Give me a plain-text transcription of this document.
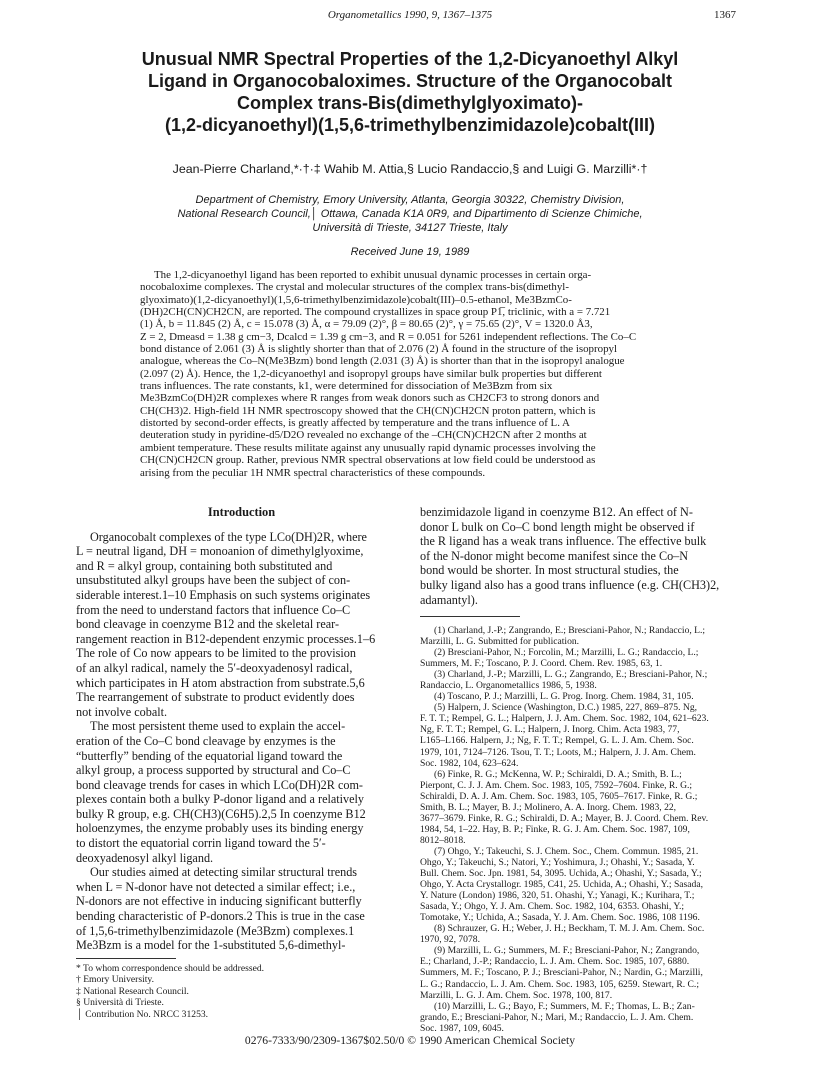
Organometallics 1990, 9, 1367–1375	1367
Unusual NMR Spectral Properties of the 1,2-Dicyanoethyl Alkyl
Ligand in Organocobaloximes. Structure of the Organocobalt
Complex trans-Bis(dimethylglyoximato)-
(1,2-dicyanoethyl)(1,5,6-trimethylbenzimidazole)cobalt(III)
Jean-Pierre Charland,*·†·‡ Wahib M. Attia,§ Lucio Randaccio,§ and Luigi G. Marzilli*·†
Department of Chemistry, Emory University, Atlanta, Georgia 30322, Chemistry Division,
National Research Council,│ Ottawa, Canada K1A 0R9, and Dipartimento di Scienze Chimiche,
Università di Trieste, 34127 Trieste, Italy
Received June 19, 1989
The 1,2-dicyanoethyl ligand has been reported to exhibit unusual dynamic processes in certain orga-
nocobaloxime complexes. The crystal and molecular structures of the complex trans-bis(dimethyl-
glyoximato)(1,2-dicyanoethyl)(1,5,6-trimethylbenzimidazole)cobalt(III)–0.5-ethanol, Me3BzmCo-
(DH)2CH(CN)CH2CN, are reported. The compound crystallizes in space group P1̅, triclinic, with a = 7.721
(1) Å, b = 11.845 (2) Å, c = 15.078 (3) Å, α = 79.09 (2)°, β = 80.65 (2)°, γ = 75.65 (2)°, V = 1320.0 Å3,
Z = 2, Dmeasd = 1.38 g cm−3, Dcalcd = 1.39 g cm−3, and R = 0.051 for 5261 independent reflections. The Co–C
bond distance of 2.061 (3) Å is slightly shorter than that of 2.076 (2) Å found in the structure of the isopropyl
analogue, whereas the Co–N(Me3Bzm) bond length (2.031 (3) Å) is shorter than that in the isopropyl analogue
(2.097 (2) Å). Hence, the 1,2-dicyanoethyl and isopropyl groups have similar bulk properties but different
trans influences. The rate constants, k1, were determined for dissociation of Me3Bzm from six
Me3BzmCo(DH)2R complexes where R ranges from weak donors such as CH2CF3 to strong donors and
CH(CH3)2. High-field 1H NMR spectroscopy showed that the CH(CN)CH2CN proton pattern, which is
distorted by second-order effects, is greatly affected by temperature and the trans influence of L. A
deuteration study in pyridine-d5/D2O revealed no exchange of the –CH(CN)CH2CN after 2 months at
ambient temperature. These results militate against any unusually rapid dynamic processes involving the
CH(CN)CH2CN group. Rather, previous NMR spectral observations at low field could be understood as
arising from the peculiar 1H NMR spectral characteristics of these compounds.
Introduction
Organocobalt complexes of the type LCo(DH)2R, where
L = neutral ligand, DH = monoanion of dimethylglyoxime,
and R = alkyl group, containing both substituted and
unsubstituted alkyl groups have been the subject of con-
siderable interest.1–10 Emphasis on such systems originates
from the need to understand factors that influence Co–C
bond cleavage in coenzyme B12 and the skeletal rear-
rangement reaction in B12-dependent enzymic processes.1–6
The role of Co now appears to be limited to the provision
of an alkyl radical, namely the 5′-deoxyadenosyl radical,
which participates in H atom abstraction from substrate.5,6
The rearrangement of substrate to product evidently does
not involve cobalt.
The most persistent theme used to explain the accel-
eration of the Co–C bond cleavage by enzymes is the
“butterfly” bending of the equatorial ligand toward the
alkyl group, a process supported by structural and Co–C
bond cleavage trends for cases in which LCo(DH)2R com-
plexes contain both a bulky P-donor ligand and a relatively
bulky R group, e.g. CH(CH3)(C6H5).2,5 In coenzyme B12
holoenzymes, the enzyme probably uses its binding energy
to distort the equatorial corrin ligand toward the 5′-
deoxyadenosyl alkyl ligand.
Our studies aimed at detecting similar structural trends
when L = N-donor have not detected a similar effect; i.e.,
N-donors are not effective in inducing significant butterfly
bending characteristic of P-donors.2 This is true in the case
of 1,5,6-trimethylbenzimidazole (Me3Bzm) complexes.1
Me3Bzm is a model for the 1-substituted 5,6-dimethyl-
benzimidazole ligand in coenzyme B12. An effect of N-
donor L bulk on Co–C bond length might be observed if
the R ligand has a weak trans influence. The effective bulk
of the N-donor might become manifest since the Co–N
bond would be shorter. In most structural studies, the
bulky ligand also has a good trans influence (e.g. CH(CH3)2,
adamantyl).
(1) Charland, J.-P.; Zangrando, E.; Bresciani-Pahor, N.; Randaccio, L.;
Marzilli, L. G. Submitted for publication.
(2) Bresciani-Pahor, N.; Forcolin, M.; Marzilli, L. G.; Randaccio, L.;
Summers, M. F.; Toscano, P. J. Coord. Chem. Rev. 1985, 63, 1.
(3) Charland, J.-P.; Marzilli, L. G.; Zangrando, E.; Bresciani-Pahor, N.;
Randaccio, L. Organometallics 1986, 5, 1938.
(4) Toscano, P. J.; Marzilli, L. G. Prog. Inorg. Chem. 1984, 31, 105.
(5) Halpern, J. Science (Washington, D.C.) 1985, 227, 869–875. Ng,
F. T. T.; Rempel, G. L.; Halpern, J. J. Am. Chem. Soc. 1982, 104, 621–623.
Ng, F. T. T.; Rempel, G. L.; Halpern, J. Inorg. Chim. Acta 1983, 77,
L165–L166. Halpern, J.; Ng, F. T. T.; Rempel, G. L. J. Am. Chem. Soc.
1979, 101, 7124–7126. Tsou, T. T.; Loots, M.; Halpern, J. J. Am. Chem.
Soc. 1982, 104, 623–624.
(6) Finke, R. G.; McKenna, W. P.; Schiraldi, D. A.; Smith, B. L.;
Pierpont, C. J. J. Am. Chem. Soc. 1983, 105, 7592–7604. Finke, R. G.;
Schiraldi, D. A. J. Am. Chem. Soc. 1983, 105, 7605–7617. Finke, R. G.;
Smith, B. L.; Mayer, B. J.; Molinero, A. A. Inorg. Chem. 1983, 22,
3677–3679. Finke, R. G.; Schiraldi, D. A.; Mayer, B. J. Coord. Chem. Rev.
1984, 54, 1–22. Hay, B. P.; Finke, R. G. J. Am. Chem. Soc. 1987, 109,
8012–8018.
(7) Ohgo, Y.; Takeuchi, S. J. Chem. Soc., Chem. Commun. 1985, 21.
Ohgo, Y.; Takeuchi, S.; Natori, Y.; Yoshimura, J.; Ohashi, Y.; Sasada, Y.
Bull. Chem. Soc. Jpn. 1981, 54, 3095. Uchida, A.; Ohashi, Y.; Sasada, Y.;
Ohgo, Y. Acta Crystallogr. 1985, C41, 25. Uchida, A.; Ohashi, Y.; Sasada,
Y. Nature (London) 1986, 320, 51. Ohashi, Y.; Yanagi, K.; Kurihara, T.;
Sasada, Y.; Ohgo, Y. J. Am. Chem. Soc. 1982, 104, 6353. Ohashi, Y.;
Tomotake, Y.; Uchida, A.; Sasada, Y. J. Am. Chem. Soc. 1986, 108 1196.
(8) Schrauzer, G. H.; Weber, J. H.; Beckham, T. M. J. Am. Chem. Soc.
1970, 92, 7078.
(9) Marzilli, L. G.; Summers, M. F.; Bresciani-Pahor, N.; Zangrando,
E.; Charland, J.-P.; Randaccio, L. J. Am. Chem. Soc. 1985, 107, 6880.
Summers, M. F.; Toscano, P. J.; Bresciani-Pahor, N.; Nardin, G.; Marzilli,
L. G.; Randaccio, L. J. Am. Chem. Soc. 1983, 105, 6259. Stewart, R. C.;
Marzilli, L. G. J. Am. Chem. Soc. 1978, 100, 817.
(10) Marzilli, L. G.; Bayo, F.; Summers, M. F.; Thomas, L. B.; Zan-
grando, E.; Bresciani-Pahor, N.; Mari, M.; Randaccio, L. J. Am. Chem.
Soc. 1987, 109, 6045.
* To whom correspondence should be addressed.
† Emory University.
‡ National Research Council.
§ Università di Trieste.
│ Contribution No. NRCC 31253.
0276-7333/90/2309-1367$02.50/0 © 1990 American Chemical Society
